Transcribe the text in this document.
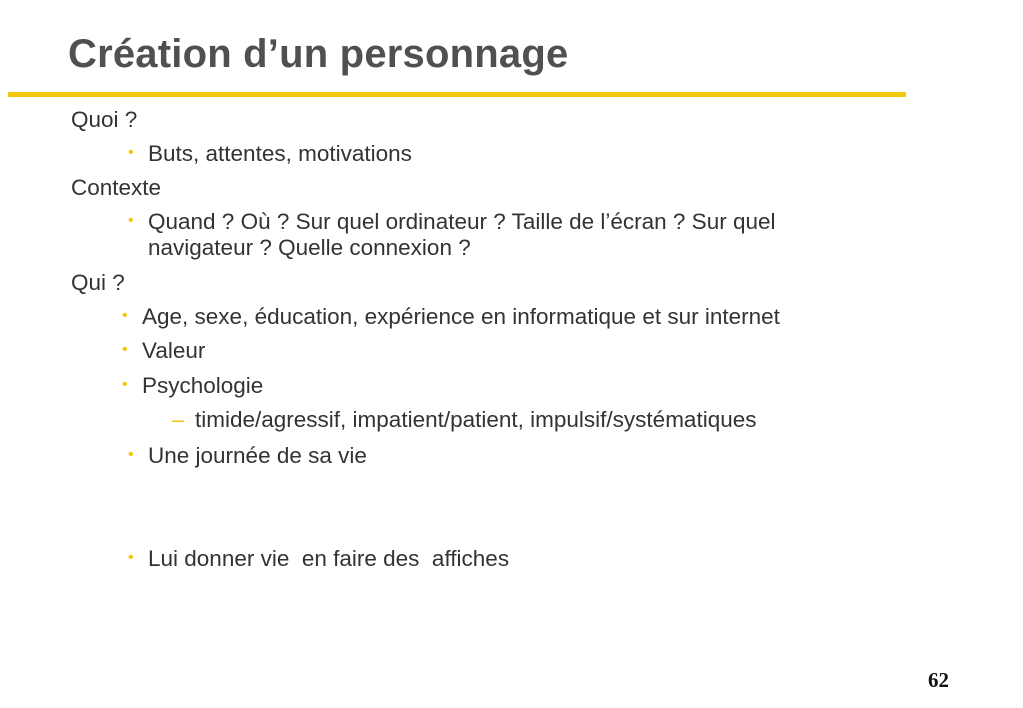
Création d’un personnage
Quoi ?
• Buts, attentes, motivations
Contexte
• Quand ? Où ? Sur quel ordinateur ? Taille de l’écran ? Sur quel
navigateur ? Quelle connexion ?
Qui ?
• Age, sexe, éducation, expérience en informatique et sur internet
• Valeur
• Psychologie
– timide/agressif, impatient/patient, impulsif/systématiques
• Une journée de sa vie
• Lui donner vie  en faire des  affiches
62
